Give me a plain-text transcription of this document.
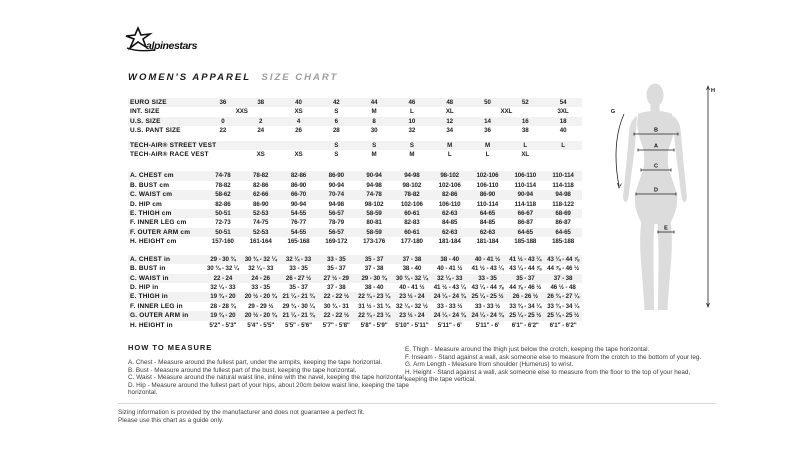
alpinestars
WOMEN'S APPAREL SIZE CHART
EURO SIZE	36	38	40	42	44	46	48	50	52	54
INT. SIZE	XXS		XS	S	M	L	XL	XXL		3XL
U.S. SIZE	0	2	4	6	8	10	12	14	16	18
U.S. PANT SIZE	22	24	26	28	30	32	34	36	38	40

TECH-AIR® STREET VEST				S	S	S	M	M	L	L
TECH-AIR® RACE VEST		XS	XS	S	M	M	L	L	XL	

A. CHEST cm	74-78	78-82	82-86	86-90	90-94	94-98	98-102	102-106	106-110	110-114
B. BUST cm	78-82	82-86	86-90	90-94	94-98	98-102	102-106	106-110	110-114	114-118
C. WAIST cm	58-62	62-66	66-70	70-74	74-78	78-82	82-86	86-90	90-94	94-98
D. HIP cm	82-86	86-90	90-94	94-98	98-102	102-106	106-110	110-114	114-118	118-122
E. THIGH cm	50-51	52-53	54-55	56-57	58-59	60-61	62-63	64-65	66-67	68-69
F. INNER LEG cm	72-73	74-75	76-77	78-79	80-81	82-83	84-85	84-85	86-87	86-87
F. OUTER ARM cm	50-51	52-53	54-55	56-57	58-59	60-61	62-63	62-63	64-65	64-65
H. HEIGHT cm	157-160	161-164	165-168	169-172	173-176	177-180	181-184	181-184	185-188	185-188

A. CHEST in	29 - 30 ¾	30 ¾ - 32 ¼	32 ¼ - 33	33 - 35	35 - 37	37 - 38	38 - 40	40 - 41 ½	41 ½ - 43 ¼	43 ¼ - 44 ⅞
B. BUST in	30 ¾ - 32 ¼	32 ¼ - 33	33 - 35	35 - 37	37 - 38	38 - 40	40 - 41 ½	41 ½ - 43 ¼	43 ¼ - 44 ⅞	44 ⅞ - 46 ½
C. WAIST in	22 - 24	24 - 26	26 - 27 ½	27 ½ - 29	29 - 30 ¾	30 ¾ - 32 ¼	32 ¼ - 33	33 - 35	35 - 37	37 - 38
D. HIP in	32 ¼ - 33	33 - 35	35 - 37	37 - 38	38 - 40	40 - 41 ½	41 ½ - 43 ¼	43 ¼ - 44 ⅞	44 ⅞ - 46 ½	46 ½ - 48
E. THIGH in	19 ¾ - 20	20 ½ - 20 ¾	21 ¼ - 21 ¾	22 - 22 ½	22 ¾ - 23 ¼	23 ½ - 24	24 ¼ - 24 ¾	25 ¼ - 25 ½	26 - 26 ½	26 ¾ - 27 ¼
F. INNER LEG in	28 - 28 ¾	29 - 29 ½	29 ¾ - 30 ¼	30 ¾ - 31	31 ½ - 31 ¾	32 ¼ - 32 ½	33 - 33 ½	33 - 33 ½	33 ¾ - 34 ¼	33 ¾ - 34 ¼
G. OUTER ARM in	19 ¾ - 20	20 ½ - 20 ¾	21 ¼ - 21 ¾	22 - 22 ½	22 ¾ - 23 ¼	23 ½ - 24	24 ¼ - 24 ¾	24 ¼ - 24 ¾	25 ¼ - 25 ½	25 ¼ - 25 ½
H. HEIGHT in	5'2" - 5'3"	5'4" - 5'5"	5'5" - 5'6"	5'7" - 5'8"	5'8" - 5'9"	5'10" - 5'11"	5'11" - 6'	5'11" - 6'	6'1" - 6'2"	6'1" - 6'2"
B
A
C
D
E
G
H
HOW TO MEASURE
A. Chest - Measure around the fullest part, under the armpits, keeping the tape horizontal.
B. Bust - Measure around the fullest part of the bust, keeping the tape horizontal.
C. Waist - Measure around the natural waist line, inline with the navel, keeping the tape horizontal.
D. Hip - Measure around the fullest part of your hips, about 20cm below waist line, keeping the tape horizontal.
E. Thigh - Measure around the thigh just below the crotch, keeping the tape horizontal.
F. Inseam - Stand against a wall, ask someone else to measure from the crotch to the bottom of your leg.
G. Arm Length - Measure from shoulder (Humerus) to wrist.
H. Height - Stand against a wall, ask someone else to measure from the floor to the top of your head, keeping the tape vertical.
Sizing information is provided by the manufacturer and does not guarantee a perfect fit.
Please use this chart as a guide only.
